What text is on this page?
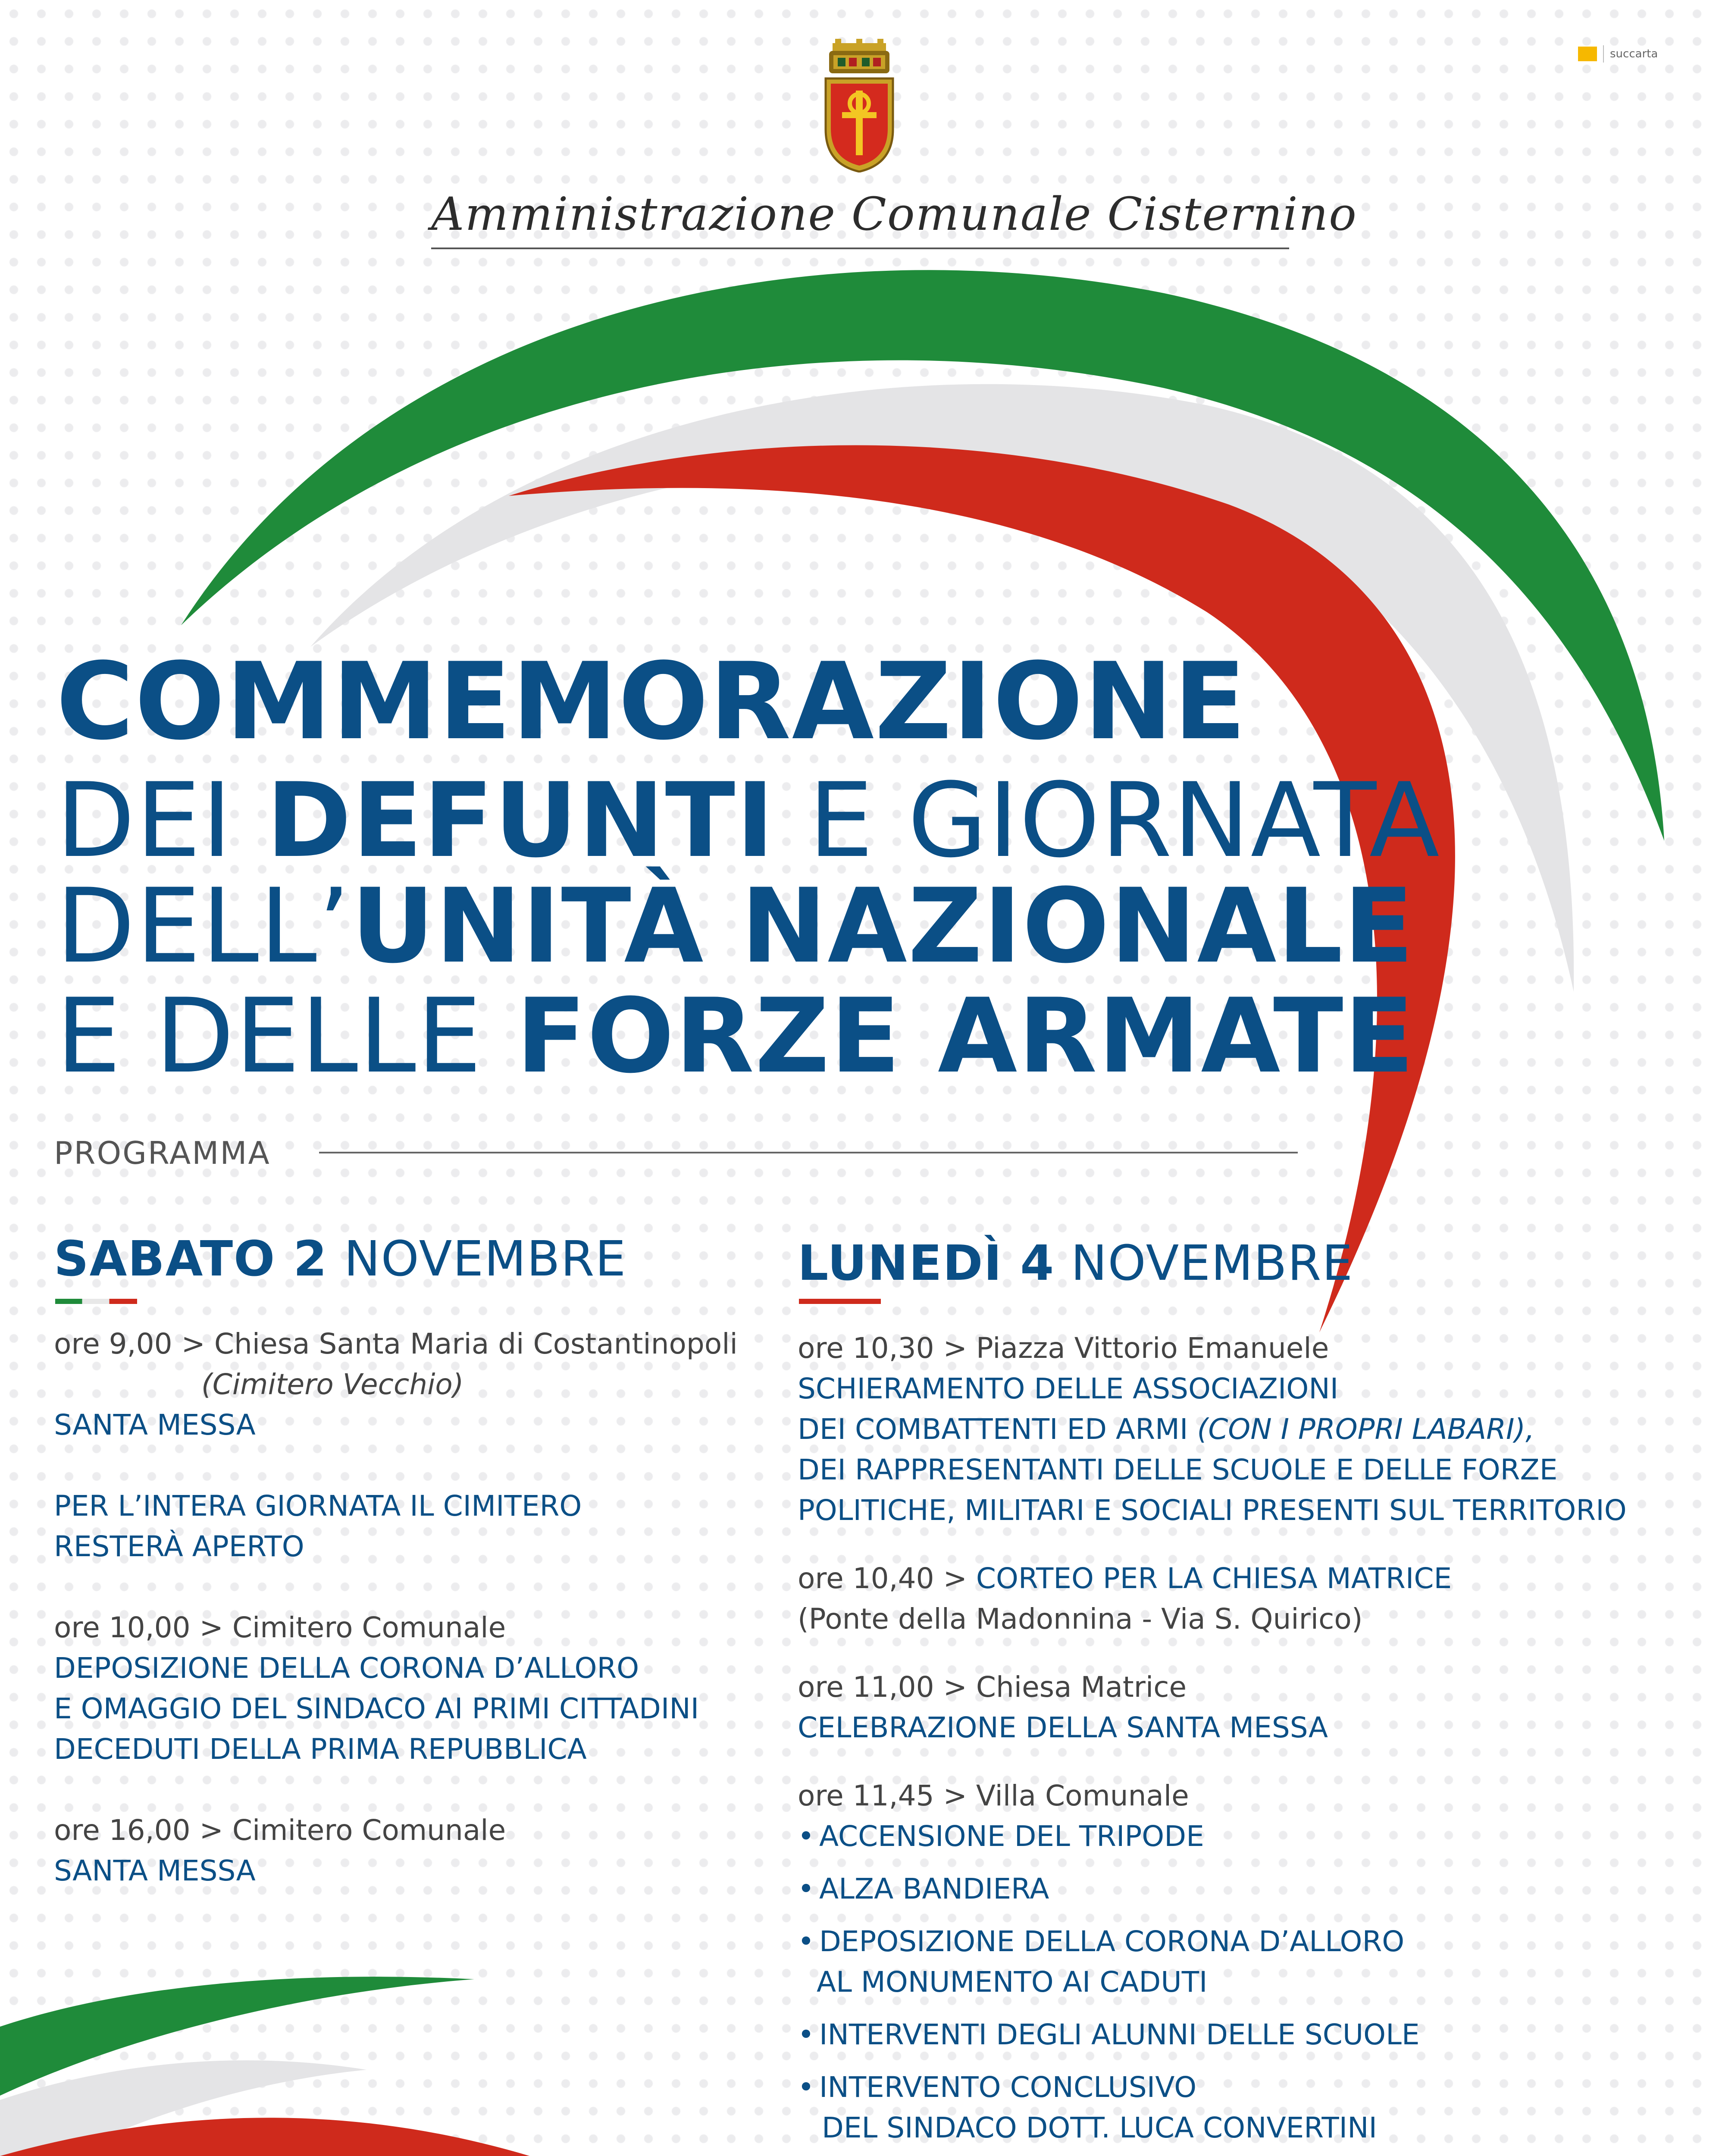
succarta
Amministrazione Comunale Cisternino
COMMEMORAZIONE
DEI DEFUNTI E GIORNATA
DELL’UNITÀ NAZIONALE
E DELLE FORZE ARMATE
PROGRAMMA
SABATO 2 NOVEMBRE
ore 9,00 > Chiesa Santa Maria di Costantinopoli
(Cimitero Vecchio)
SANTA MESSA
PER L’INTERA GIORNATA IL CIMITERO
RESTERÀ APERTO
ore 10,00 > Cimitero Comunale
DEPOSIZIONE DELLA CORONA D’ALLORO
E OMAGGIO DEL SINDACO AI PRIMI CITTADINI
DECEDUTI DELLA PRIMA REPUBBLICA
ore 16,00 > Cimitero Comunale
SANTA MESSA
LUNEDÌ 4 NOVEMBRE
ore 10,30 > Piazza Vittorio Emanuele
SCHIERAMENTO DELLE ASSOCIAZIONI
DEI COMBATTENTI ED ARMI (CON I PROPRI LABARI),
DEI RAPPRESENTANTI DELLE SCUOLE E DELLE FORZE
POLITICHE, MILITARI E SOCIALI PRESENTI SUL TERRITORIO
ore 10,40 > CORTEO PER LA CHIESA MATRICE
(Ponte della Madonnina - Via S. Quirico)
ore 11,00 > Chiesa Matrice
CELEBRAZIONE DELLA SANTA MESSA
ore 11,45 > Villa Comunale
• ACCENSIONE DEL TRIPODE
• ALZA BANDIERA
• DEPOSIZIONE DELLA CORONA D’ALLORO
AL MONUMENTO AI CADUTI
• INTERVENTI DEGLI ALUNNI DELLE SCUOLE
• INTERVENTO CONCLUSIVO
DEL SINDACO DOTT. LUCA CONVERTINI
